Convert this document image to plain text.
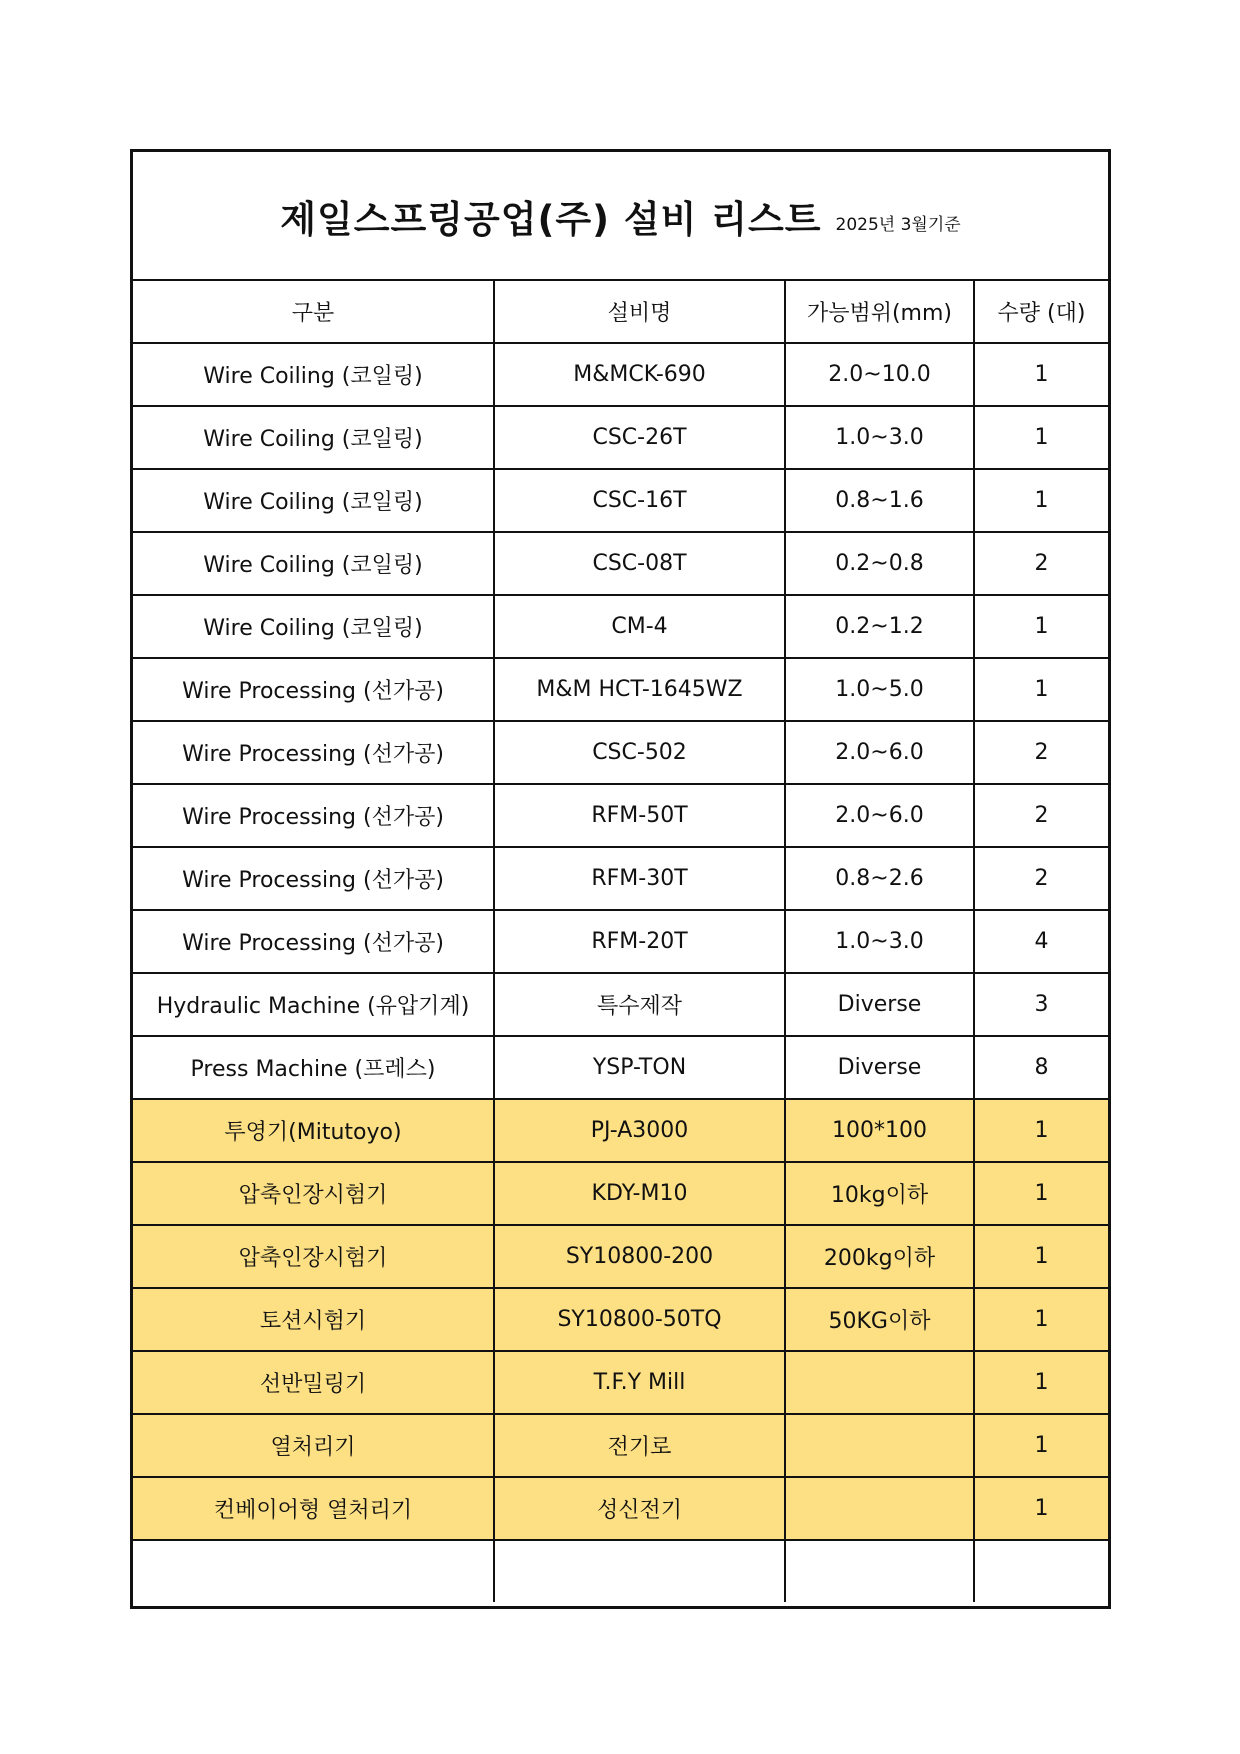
제일스프링공업(주) 설비 리스트 2025년 3월기준
구분	설비명	가능범위(mm)	수량 (대)
Wire Coiling (코일링)	M&MCK-690	2.0~10.0	1
Wire Coiling (코일링)	CSC-26T	1.0~3.0	1
Wire Coiling (코일링)	CSC-16T	0.8~1.6	1
Wire Coiling (코일링)	CSC-08T	0.2~0.8	2
Wire Coiling (코일링)	CM-4	0.2~1.2	1
Wire Processing (선가공)	M&M HCT-1645WZ	1.0~5.0	1
Wire Processing (선가공)	CSC-502	2.0~6.0	2
Wire Processing (선가공)	RFM-50T	2.0~6.0	2
Wire Processing (선가공)	RFM-30T	0.8~2.6	2
Wire Processing (선가공)	RFM-20T	1.0~3.0	4
Hydraulic Machine (유압기계)	특수제작	Diverse	3
Press Machine (프레스)	YSP-TON	Diverse	8
투영기(Mitutoyo)	PJ-A3000	100*100	1
압축인장시험기	KDY-M10	10kg이하	1
압축인장시험기	SY10800-200	200kg이하	1
토션시험기	SY10800-50TQ	50KG이하	1
선반밀링기	T.F.Y Mill		1
열처리기	전기로		1
컨베이어형 열처리기	성신전기		1
